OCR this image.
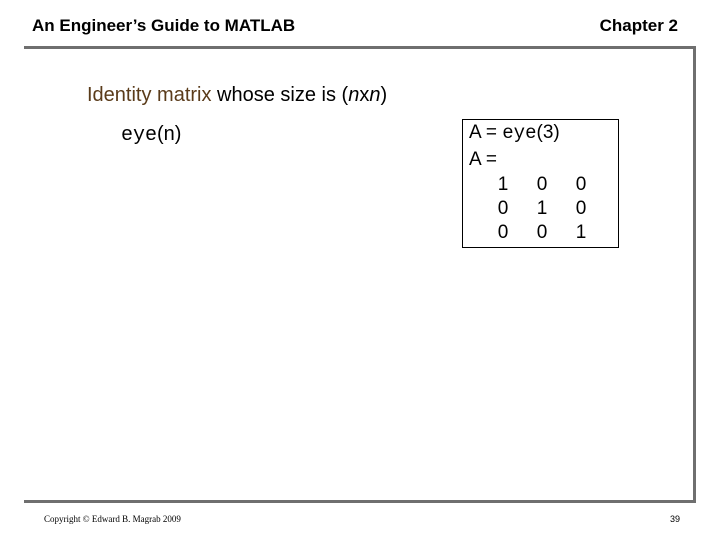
An Engineer’s Guide to MATLAB	Chapter 2
Identity matrix whose size is (nxn)
eye(n)	A = eye(3)
A =
1 0 0
0 1 0
0 0 1
Copyright © Edward B. Magrab 2009	39
